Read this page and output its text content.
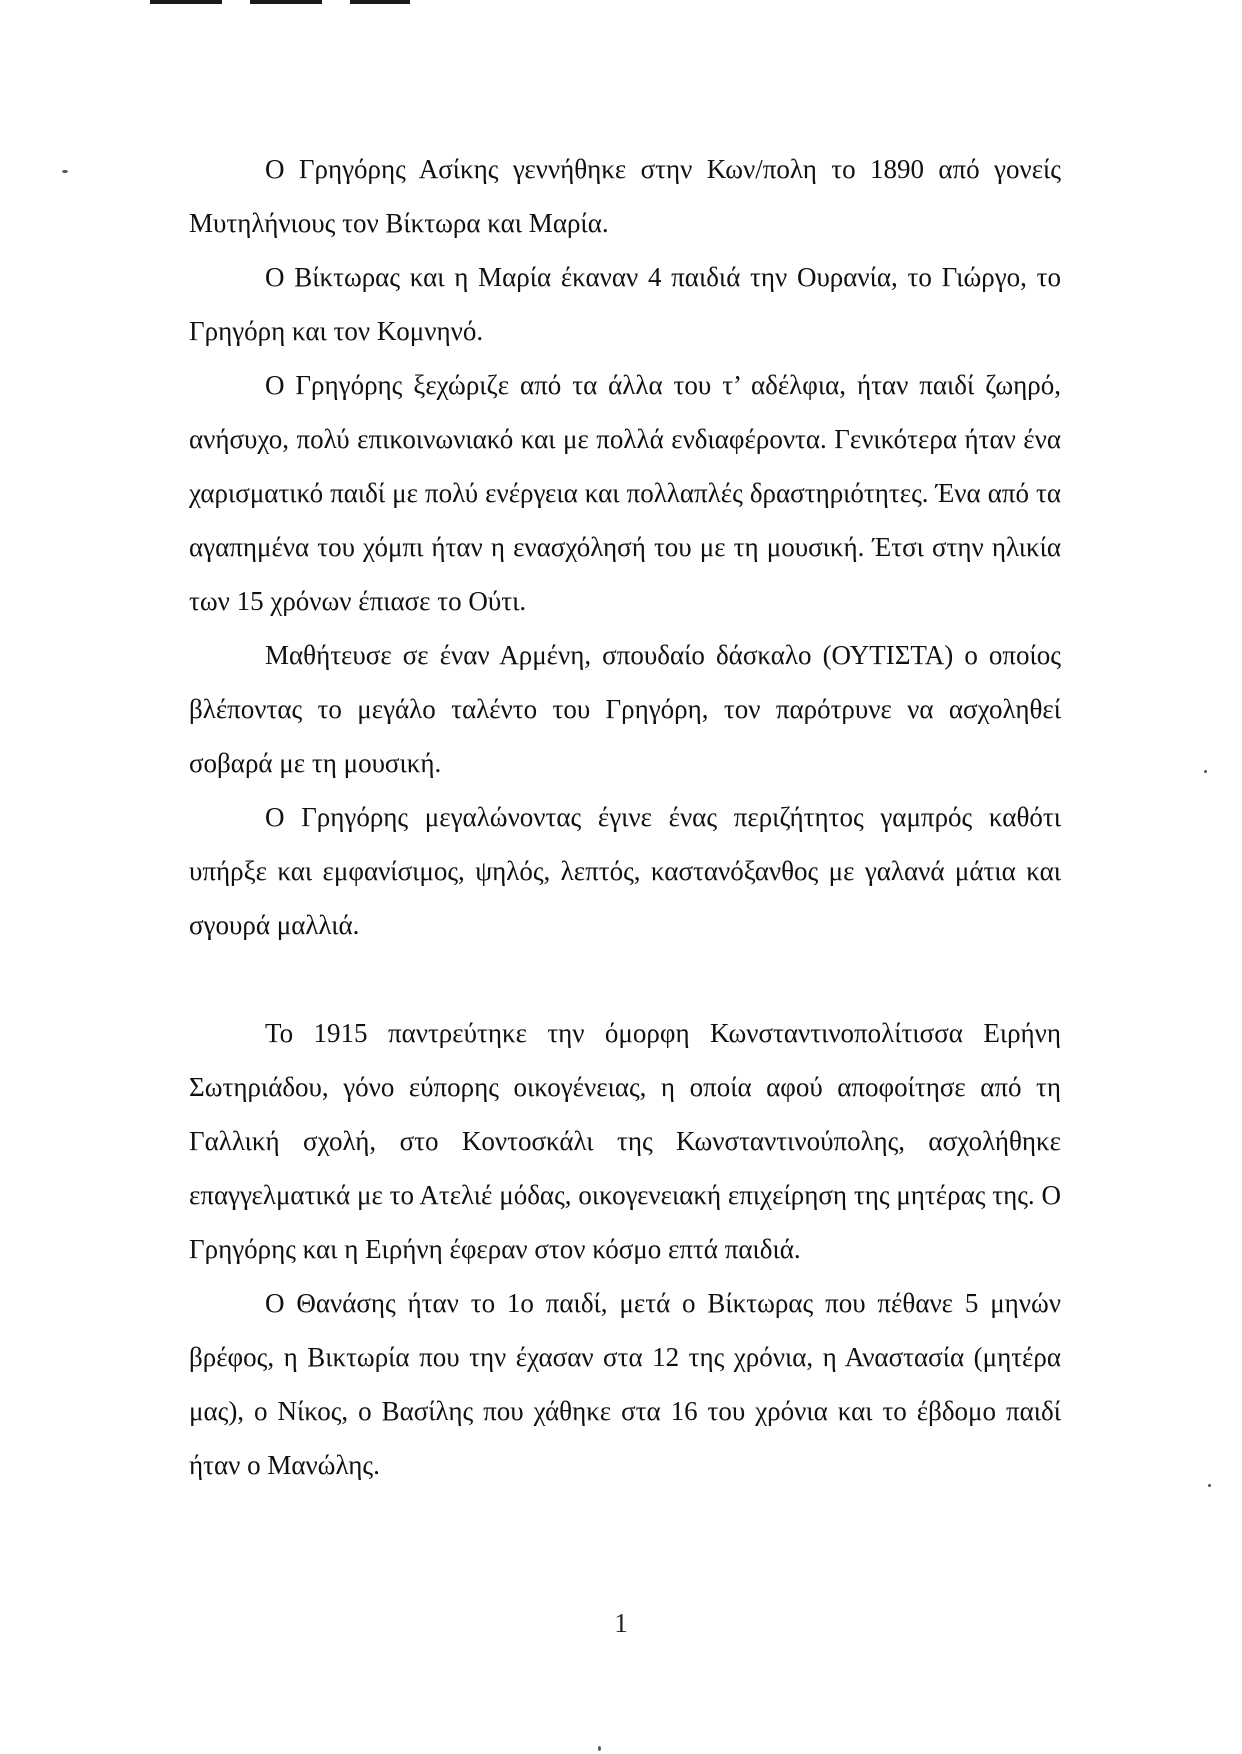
Ο Γρηγόρης Ασίκης γεννήθηκε στην Κων/πολη το 1890 από γονείς Μυτηλήνιους τον Βίκτωρα και Μαρία.

Ο Βίκτωρας και η Μαρία έκαναν 4 παιδιά την Ουρανία, το Γιώργο, το Γρηγόρη και τον Κομνηνό.

Ο Γρηγόρης ξεχώριζε από τα άλλα του τ’ αδέλφια, ήταν παιδί ζωηρό, ανήσυχο, πολύ επικοινωνιακό και με πολλά ενδιαφέροντα. Γενικότερα ήταν ένα χαρισματικό παιδί με πολύ ενέργεια και πολλαπλές δραστηριότητες. Ένα από τα αγαπημένα του χόμπι ήταν η ενασχόλησή του με τη μουσική. Έτσι στην ηλικία των 15 χρόνων έπιασε το Ούτι.

Μαθήτευσε σε έναν Αρμένη, σπουδαίο δάσκαλο (ΟΥΤΙΣΤΑ) ο οποίος βλέποντας το μεγάλο ταλέντο του Γρηγόρη, τον παρότρυνε να ασχοληθεί σοβαρά με τη μουσική.

Ο Γρηγόρης μεγαλώνοντας έγινε ένας περιζήτητος γαμπρός καθότι υπήρξε και εμφανίσιμος, ψηλός, λεπτός, καστανόξανθος με γαλανά μάτια και σγουρά μαλλιά.

Το 1915 παντρεύτηκε την όμορφη Κωνσταντινοπολίτισσα Ειρήνη Σωτηριάδου, γόνο εύπορης οικογένειας, η οποία αφού αποφοίτησε από τη Γαλλική σχολή, στο Κοντοσκάλι της Κωνσταντινούπολης, ασχολήθηκε επαγγελματικά με το Ατελιέ μόδας, οικογενειακή επιχείρηση της μητέρας της. Ο Γρηγόρης και η Ειρήνη έφεραν στον κόσμο επτά παιδιά.

Ο Θανάσης ήταν το 1ο παιδί, μετά ο Βίκτωρας που πέθανε 5 μηνών βρέφος, η Βικτωρία που την έχασαν στα 12 της χρόνια, η Αναστασία (μητέρα μας), ο Νίκος, ο Βασίλης που χάθηκε στα 16 του χρόνια και το έβδομο παιδί ήταν ο Μανώλης.

1
